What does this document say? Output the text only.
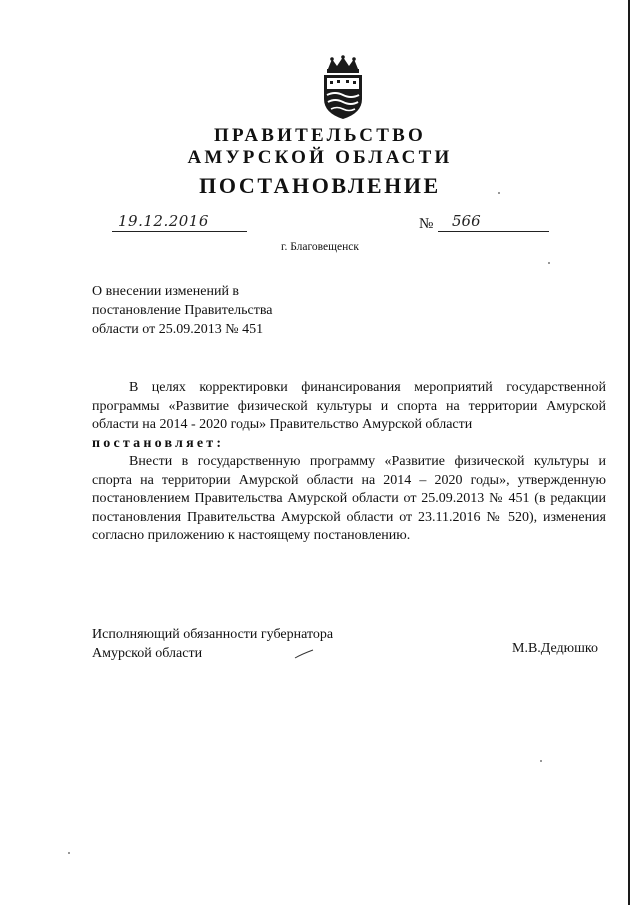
ПРАВИТЕЛЬСТВО
АМУРСКОЙ ОБЛАСТИ
ПОСТАНОВЛЕНИЕ
19.12.2016	№ 566
г. Благовещенск
О внесении изменений в
постановление Правительства
области от 25.09.2013 № 451

В целях корректировки финансирования мероприятий государственной программы «Развитие физической культуры и спорта на территории Амурской области на 2014 - 2020 годы» Правительство Амурской области

постановляет:

Внести в государственную программу «Развитие физической культуры и спорта на территории Амурской области на 2014 – 2020 годы», утвержденную постановлением Правительства Амурской области от 25.09.2013 № 451 (в редакции постановления Правительства Амурской области от 23.11.2016 № 520), изменения согласно приложению к настоящему постановлению.

Исполняющий обязанности губернатора
Амурской области	М.В.Дедюшко
